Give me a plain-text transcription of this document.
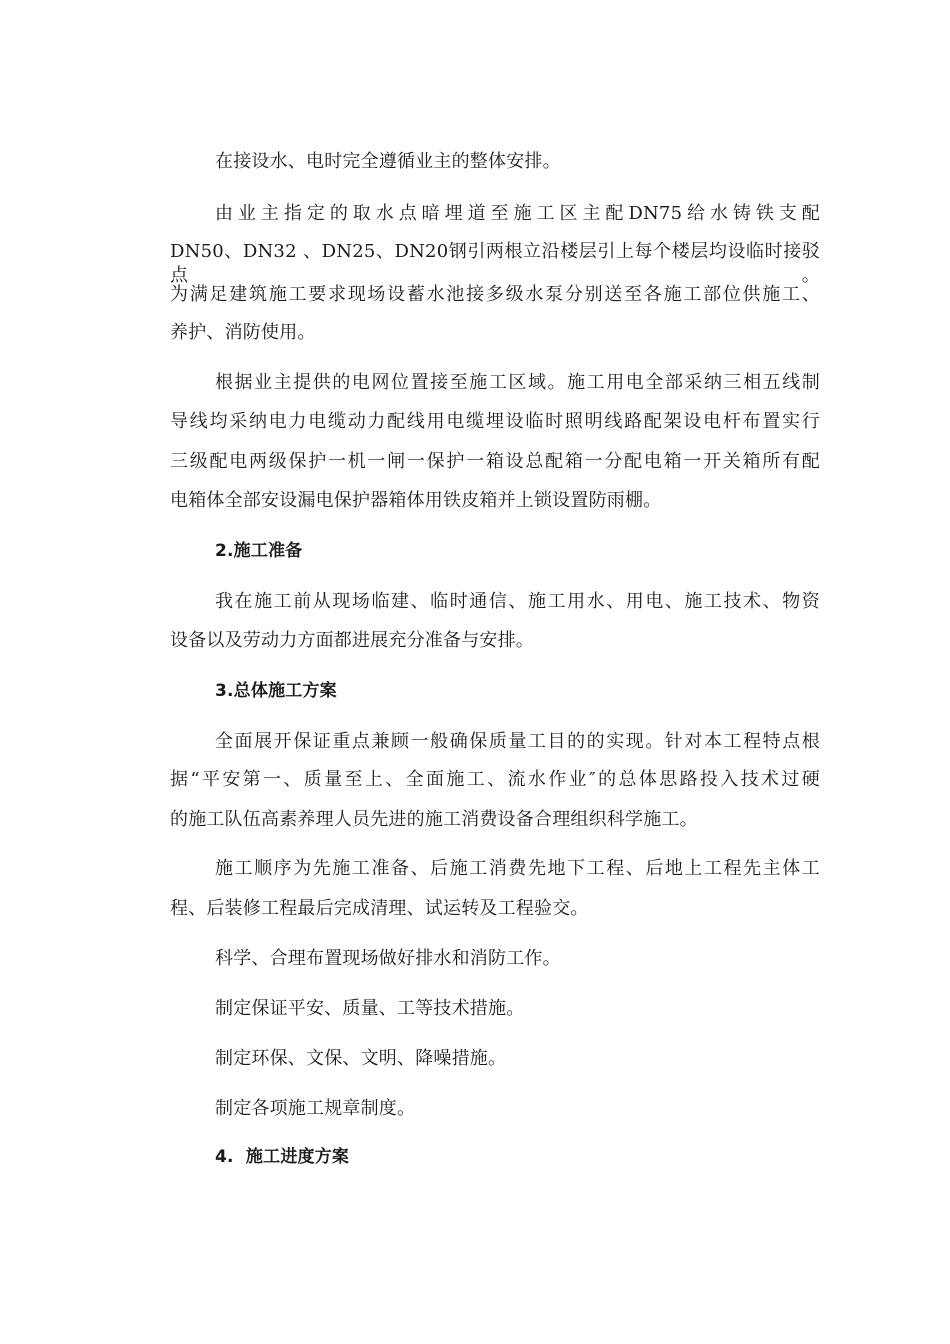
在接设水、电时完全遵循业主的整体安排。
由业主指定的取水点暗埋道至施工区主配DN75给水铸铁支配
DN50、DN32 、DN25、DN20钢引两根立沿楼层引上每个楼层均设临时接驳点。
为满足建筑施工要求现场设蓄水池接多级水泵分别送至各施工部位供施工、
养护、消防使用。
根据业主提供的电网位置接至施工区域。施工用电全部采纳三相五线制
导线均采纳电力电缆动力配线用电缆埋设临时照明线路配架设电杆布置实行
三级配电两级保护一机一闸一保护一箱设总配箱一分配电箱一开关箱所有配
电箱体全部安设漏电保护器箱体用铁皮箱并上锁设置防雨棚。
2.施工准备
我在施工前从现场临建、临时通信、施工用水、用电、施工技术、物资
设备以及劳动力方面都进展充分准备与安排。
3.总体施工方案
全面展开保证重点兼顾一般确保质量工目的的实现。针对本工程特点根
据“平安第一、质量至上、全面施工、流水作业″的总体思路投入技术过硬
的施工队伍高素养理人员先进的施工消费设备合理组织科学施工。
施工顺序为先施工准备、后施工消费先地下工程、后地上工程先主体工
程、后装修工程最后完成清理、试运转及工程验交。
科学、合理布置现场做好排水和消防工作。
制定保证平安、质量、工等技术措施。
制定环保、文保、文明、降噪措施。
制定各项施工规章制度。
4.  施工进度方案
